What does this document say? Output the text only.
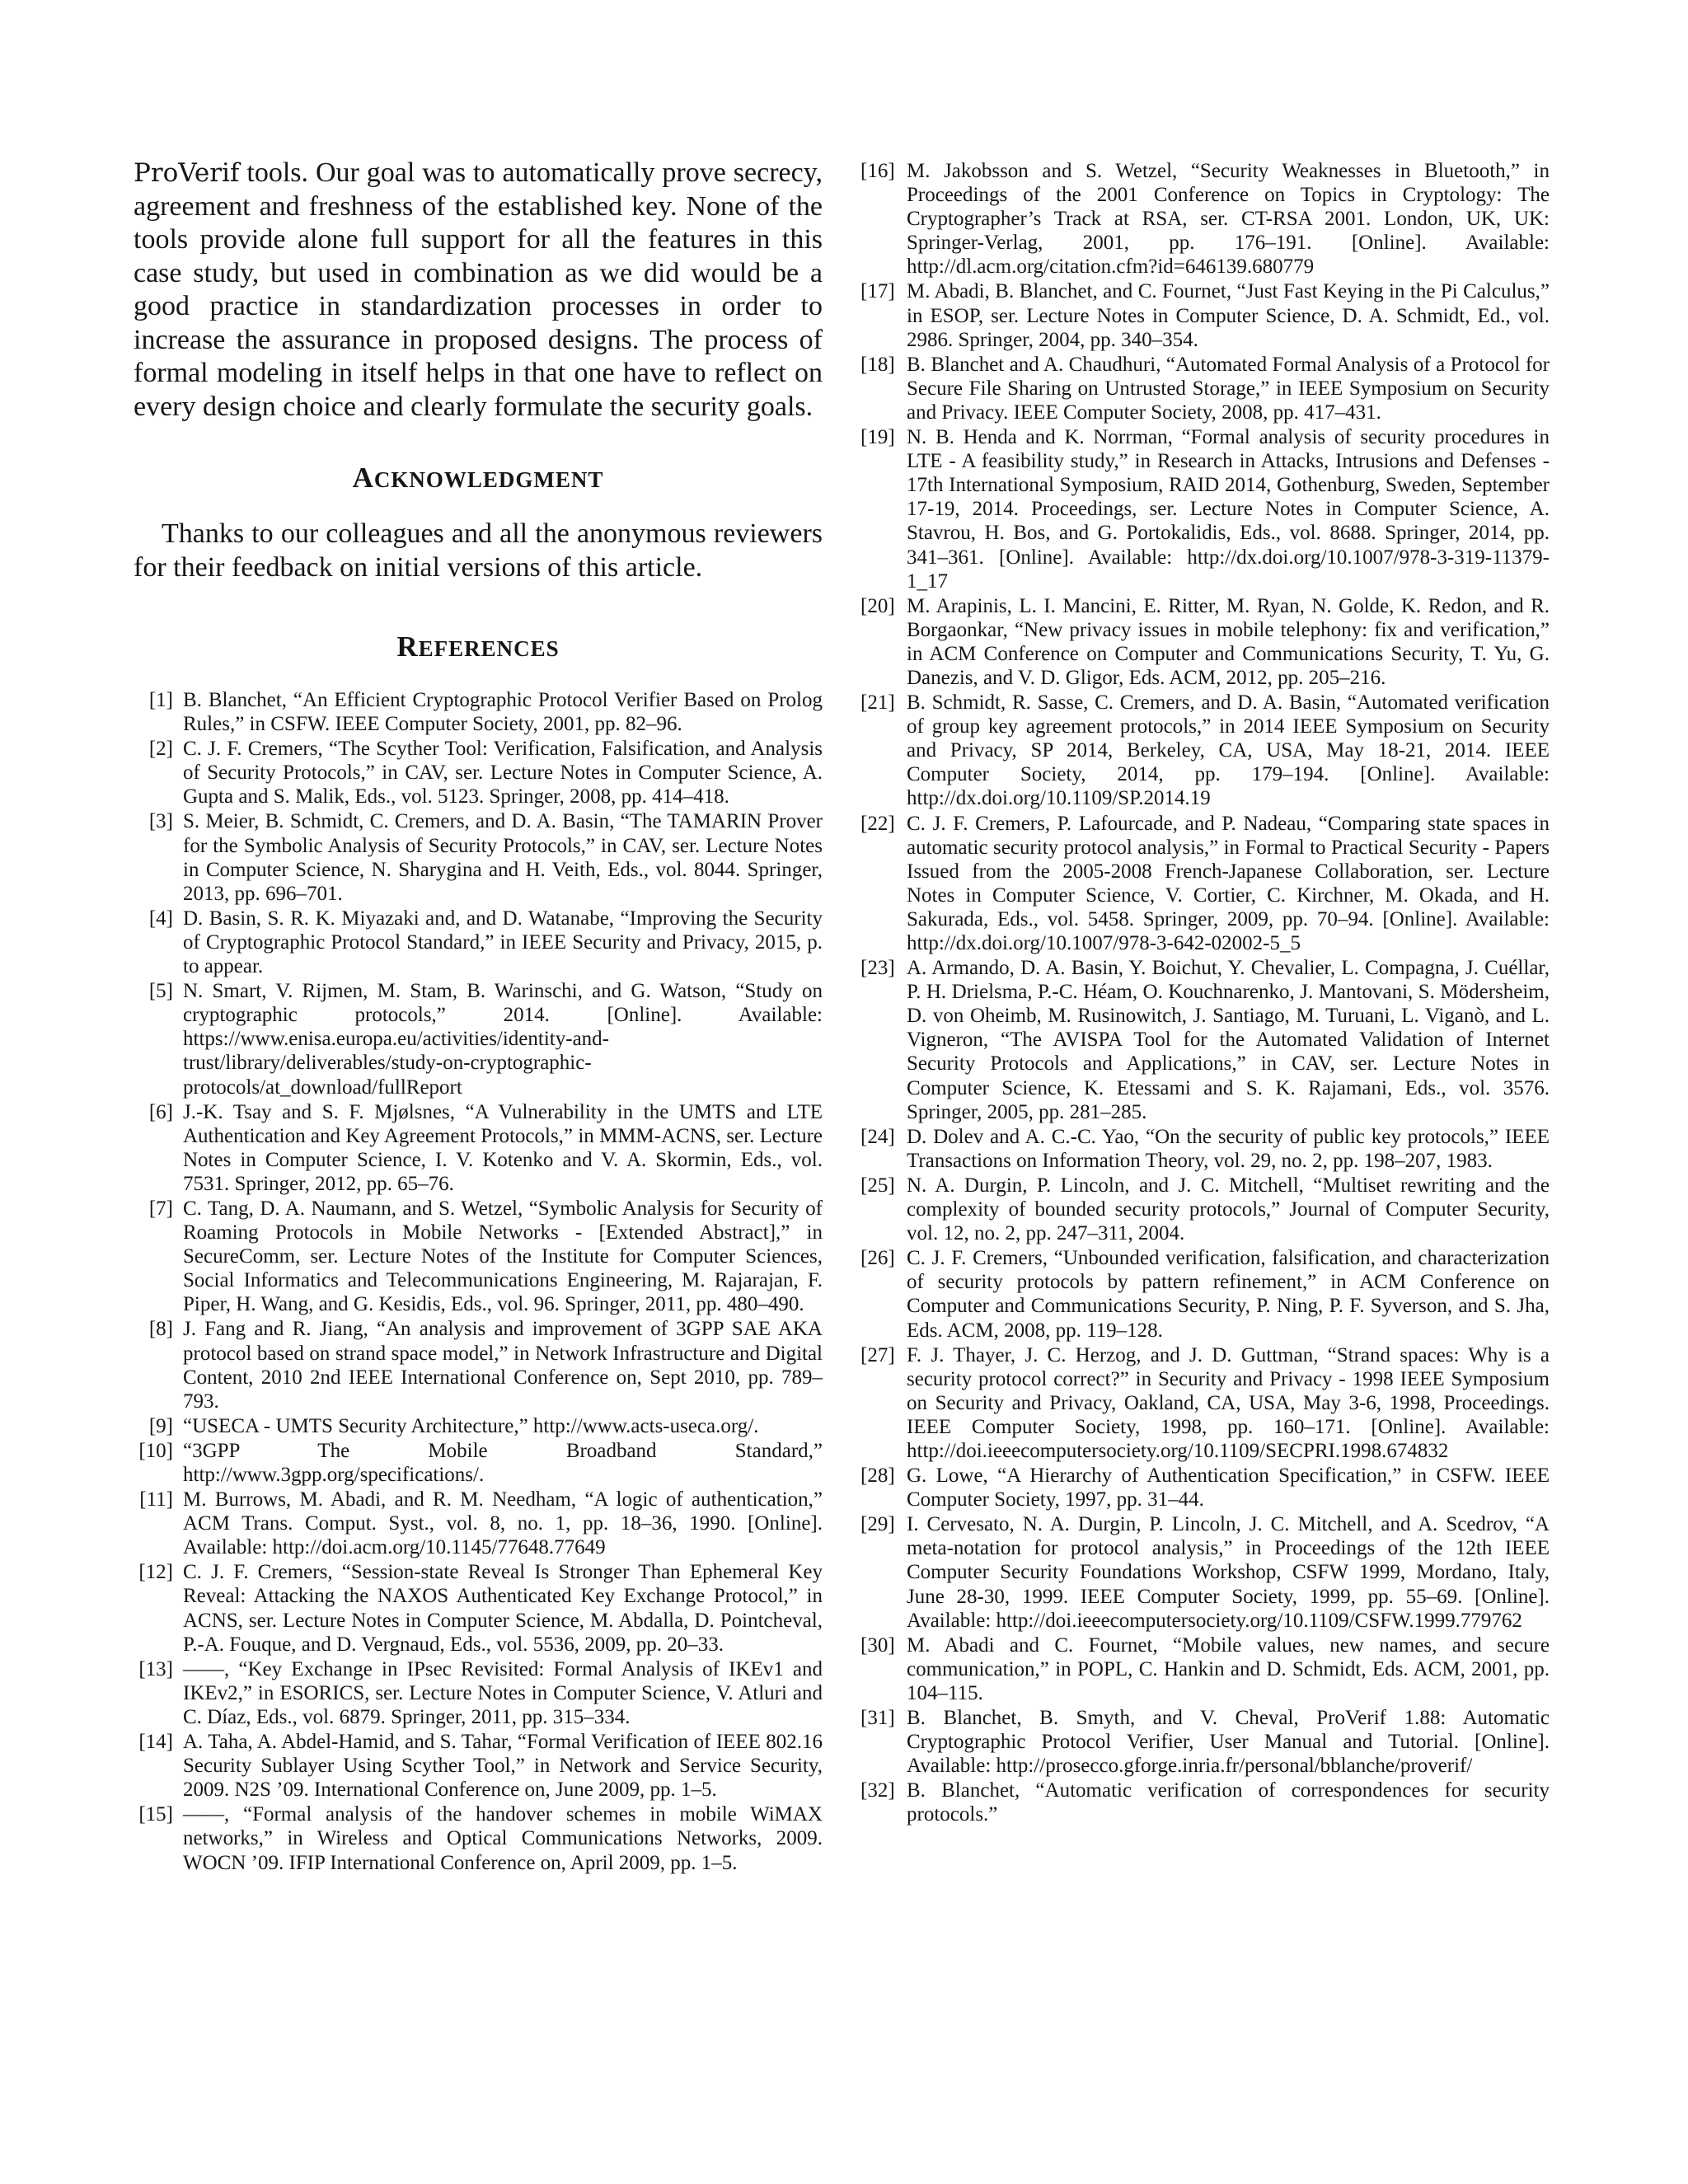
ProVerif tools. Our goal was to automatically prove secrecy, agreement and freshness of the established key. None of the tools provide alone full support for all the features in this case study, but used in combination as we did would be a good practice in standardization processes in order to increase the assurance in proposed designs. The process of formal modeling in itself helps in that one have to reflect on every design choice and clearly formulate the security goals.

ACKNOWLEDGMENT

Thanks to our colleagues and all the anonymous reviewers for their feedback on initial versions of this article.

REFERENCES
[1] B. Blanchet, “An Efficient Cryptographic Protocol Verifier Based on Prolog Rules,” in CSFW. IEEE Computer Society, 2001, pp. 82–96.
[2] C. J. F. Cremers, “The Scyther Tool: Verification, Falsification, and Analysis of Security Protocols,” in CAV, ser. Lecture Notes in Computer Science, A. Gupta and S. Malik, Eds., vol. 5123. Springer, 2008, pp. 414–418.
[3] S. Meier, B. Schmidt, C. Cremers, and D. A. Basin, “The TAMARIN Prover for the Symbolic Analysis of Security Protocols,” in CAV, ser. Lecture Notes in Computer Science, N. Sharygina and H. Veith, Eds., vol. 8044. Springer, 2013, pp. 696–701.
[4] D. Basin, S. R. K. Miyazaki and, and D. Watanabe, “Improving the Security of Cryptographic Protocol Standard,” in IEEE Security and Privacy, 2015, p. to appear.
[5] N. Smart, V. Rijmen, M. Stam, B. Warinschi, and G. Watson, “Study on cryptographic protocols,” 2014. [Online]. Available: https://www.enisa.europa.eu/activities/identity-and-trust/library/deliverables/study-on-cryptographic-protocols/at_download/fullReport
[6] J.-K. Tsay and S. F. Mjølsnes, “A Vulnerability in the UMTS and LTE Authentication and Key Agreement Protocols,” in MMM-ACNS, ser. Lecture Notes in Computer Science, I. V. Kotenko and V. A. Skormin, Eds., vol. 7531. Springer, 2012, pp. 65–76.
[7] C. Tang, D. A. Naumann, and S. Wetzel, “Symbolic Analysis for Security of Roaming Protocols in Mobile Networks - [Extended Abstract],” in SecureComm, ser. Lecture Notes of the Institute for Computer Sciences, Social Informatics and Telecommunications Engineering, M. Rajarajan, F. Piper, H. Wang, and G. Kesidis, Eds., vol. 96. Springer, 2011, pp. 480–490.
[8] J. Fang and R. Jiang, “An analysis and improvement of 3GPP SAE AKA protocol based on strand space model,” in Network Infrastructure and Digital Content, 2010 2nd IEEE International Conference on, Sept 2010, pp. 789–793.
[9] “USECA - UMTS Security Architecture,” http://www.acts-useca.org/.
[10] “3GPP The Mobile Broadband Standard,” http://www.3gpp.org/specifications/.
[11] M. Burrows, M. Abadi, and R. M. Needham, “A logic of authentication,” ACM Trans. Comput. Syst., vol. 8, no. 1, pp. 18–36, 1990. [Online]. Available: http://doi.acm.org/10.1145/77648.77649
[12] C. J. F. Cremers, “Session-state Reveal Is Stronger Than Ephemeral Key Reveal: Attacking the NAXOS Authenticated Key Exchange Protocol,” in ACNS, ser. Lecture Notes in Computer Science, M. Abdalla, D. Pointcheval, P.-A. Fouque, and D. Vergnaud, Eds., vol. 5536, 2009, pp. 20–33.
[13] ——, “Key Exchange in IPsec Revisited: Formal Analysis of IKEv1 and IKEv2,” in ESORICS, ser. Lecture Notes in Computer Science, V. Atluri and C. Díaz, Eds., vol. 6879. Springer, 2011, pp. 315–334.
[14] A. Taha, A. Abdel-Hamid, and S. Tahar, “Formal Verification of IEEE 802.16 Security Sublayer Using Scyther Tool,” in Network and Service Security, 2009. N2S ’09. International Conference on, June 2009, pp. 1–5.
[15] ——, “Formal analysis of the handover schemes in mobile WiMAX networks,” in Wireless and Optical Communications Networks, 2009. WOCN ’09. IFIP International Conference on, April 2009, pp. 1–5.
[16] M. Jakobsson and S. Wetzel, “Security Weaknesses in Bluetooth,” in Proceedings of the 2001 Conference on Topics in Cryptology: The Cryptographer’s Track at RSA, ser. CT-RSA 2001. London, UK, UK: Springer-Verlag, 2001, pp. 176–191. [Online]. Available: http://dl.acm.org/citation.cfm?id=646139.680779
[17] M. Abadi, B. Blanchet, and C. Fournet, “Just Fast Keying in the Pi Calculus,” in ESOP, ser. Lecture Notes in Computer Science, D. A. Schmidt, Ed., vol. 2986. Springer, 2004, pp. 340–354.
[18] B. Blanchet and A. Chaudhuri, “Automated Formal Analysis of a Protocol for Secure File Sharing on Untrusted Storage,” in IEEE Symposium on Security and Privacy. IEEE Computer Society, 2008, pp. 417–431.
[19] N. B. Henda and K. Norrman, “Formal analysis of security procedures in LTE - A feasibility study,” in Research in Attacks, Intrusions and Defenses - 17th International Symposium, RAID 2014, Gothenburg, Sweden, September 17-19, 2014. Proceedings, ser. Lecture Notes in Computer Science, A. Stavrou, H. Bos, and G. Portokalidis, Eds., vol. 8688. Springer, 2014, pp. 341–361. [Online]. Available: http://dx.doi.org/10.1007/978-3-319-11379-1_17
[20] M. Arapinis, L. I. Mancini, E. Ritter, M. Ryan, N. Golde, K. Redon, and R. Borgaonkar, “New privacy issues in mobile telephony: fix and verification,” in ACM Conference on Computer and Communications Security, T. Yu, G. Danezis, and V. D. Gligor, Eds. ACM, 2012, pp. 205–216.
[21] B. Schmidt, R. Sasse, C. Cremers, and D. A. Basin, “Automated verification of group key agreement protocols,” in 2014 IEEE Symposium on Security and Privacy, SP 2014, Berkeley, CA, USA, May 18-21, 2014. IEEE Computer Society, 2014, pp. 179–194. [Online]. Available: http://dx.doi.org/10.1109/SP.2014.19
[22] C. J. F. Cremers, P. Lafourcade, and P. Nadeau, “Comparing state spaces in automatic security protocol analysis,” in Formal to Practical Security - Papers Issued from the 2005-2008 French-Japanese Collaboration, ser. Lecture Notes in Computer Science, V. Cortier, C. Kirchner, M. Okada, and H. Sakurada, Eds., vol. 5458. Springer, 2009, pp. 70–94. [Online]. Available: http://dx.doi.org/10.1007/978-3-642-02002-5_5
[23] A. Armando, D. A. Basin, Y. Boichut, Y. Chevalier, L. Compagna, J. Cuéllar, P. H. Drielsma, P.-C. Héam, O. Kouchnarenko, J. Mantovani, S. Mödersheim, D. von Oheimb, M. Rusinowitch, J. Santiago, M. Turuani, L. Viganò, and L. Vigneron, “The AVISPA Tool for the Automated Validation of Internet Security Protocols and Applications,” in CAV, ser. Lecture Notes in Computer Science, K. Etessami and S. K. Rajamani, Eds., vol. 3576. Springer, 2005, pp. 281–285.
[24] D. Dolev and A. C.-C. Yao, “On the security of public key protocols,” IEEE Transactions on Information Theory, vol. 29, no. 2, pp. 198–207, 1983.
[25] N. A. Durgin, P. Lincoln, and J. C. Mitchell, “Multiset rewriting and the complexity of bounded security protocols,” Journal of Computer Security, vol. 12, no. 2, pp. 247–311, 2004.
[26] C. J. F. Cremers, “Unbounded verification, falsification, and characterization of security protocols by pattern refinement,” in ACM Conference on Computer and Communications Security, P. Ning, P. F. Syverson, and S. Jha, Eds. ACM, 2008, pp. 119–128.
[27] F. J. Thayer, J. C. Herzog, and J. D. Guttman, “Strand spaces: Why is a security protocol correct?” in Security and Privacy - 1998 IEEE Symposium on Security and Privacy, Oakland, CA, USA, May 3-6, 1998, Proceedings. IEEE Computer Society, 1998, pp. 160–171. [Online]. Available: http://doi.ieeecomputersociety.org/10.1109/SECPRI.1998.674832
[28] G. Lowe, “A Hierarchy of Authentication Specification,” in CSFW. IEEE Computer Society, 1997, pp. 31–44.
[29] I. Cervesato, N. A. Durgin, P. Lincoln, J. C. Mitchell, and A. Scedrov, “A meta-notation for protocol analysis,” in Proceedings of the 12th IEEE Computer Security Foundations Workshop, CSFW 1999, Mordano, Italy, June 28-30, 1999. IEEE Computer Society, 1999, pp. 55–69. [Online]. Available: http://doi.ieeecomputersociety.org/10.1109/CSFW.1999.779762
[30] M. Abadi and C. Fournet, “Mobile values, new names, and secure communication,” in POPL, C. Hankin and D. Schmidt, Eds. ACM, 2001, pp. 104–115.
[31] B. Blanchet, B. Smyth, and V. Cheval, ProVerif 1.88: Automatic Cryptographic Protocol Verifier, User Manual and Tutorial. [Online]. Available: http://prosecco.gforge.inria.fr/personal/bblanche/proverif/
[32] B. Blanchet, “Automatic verification of correspondences for security protocols.”
